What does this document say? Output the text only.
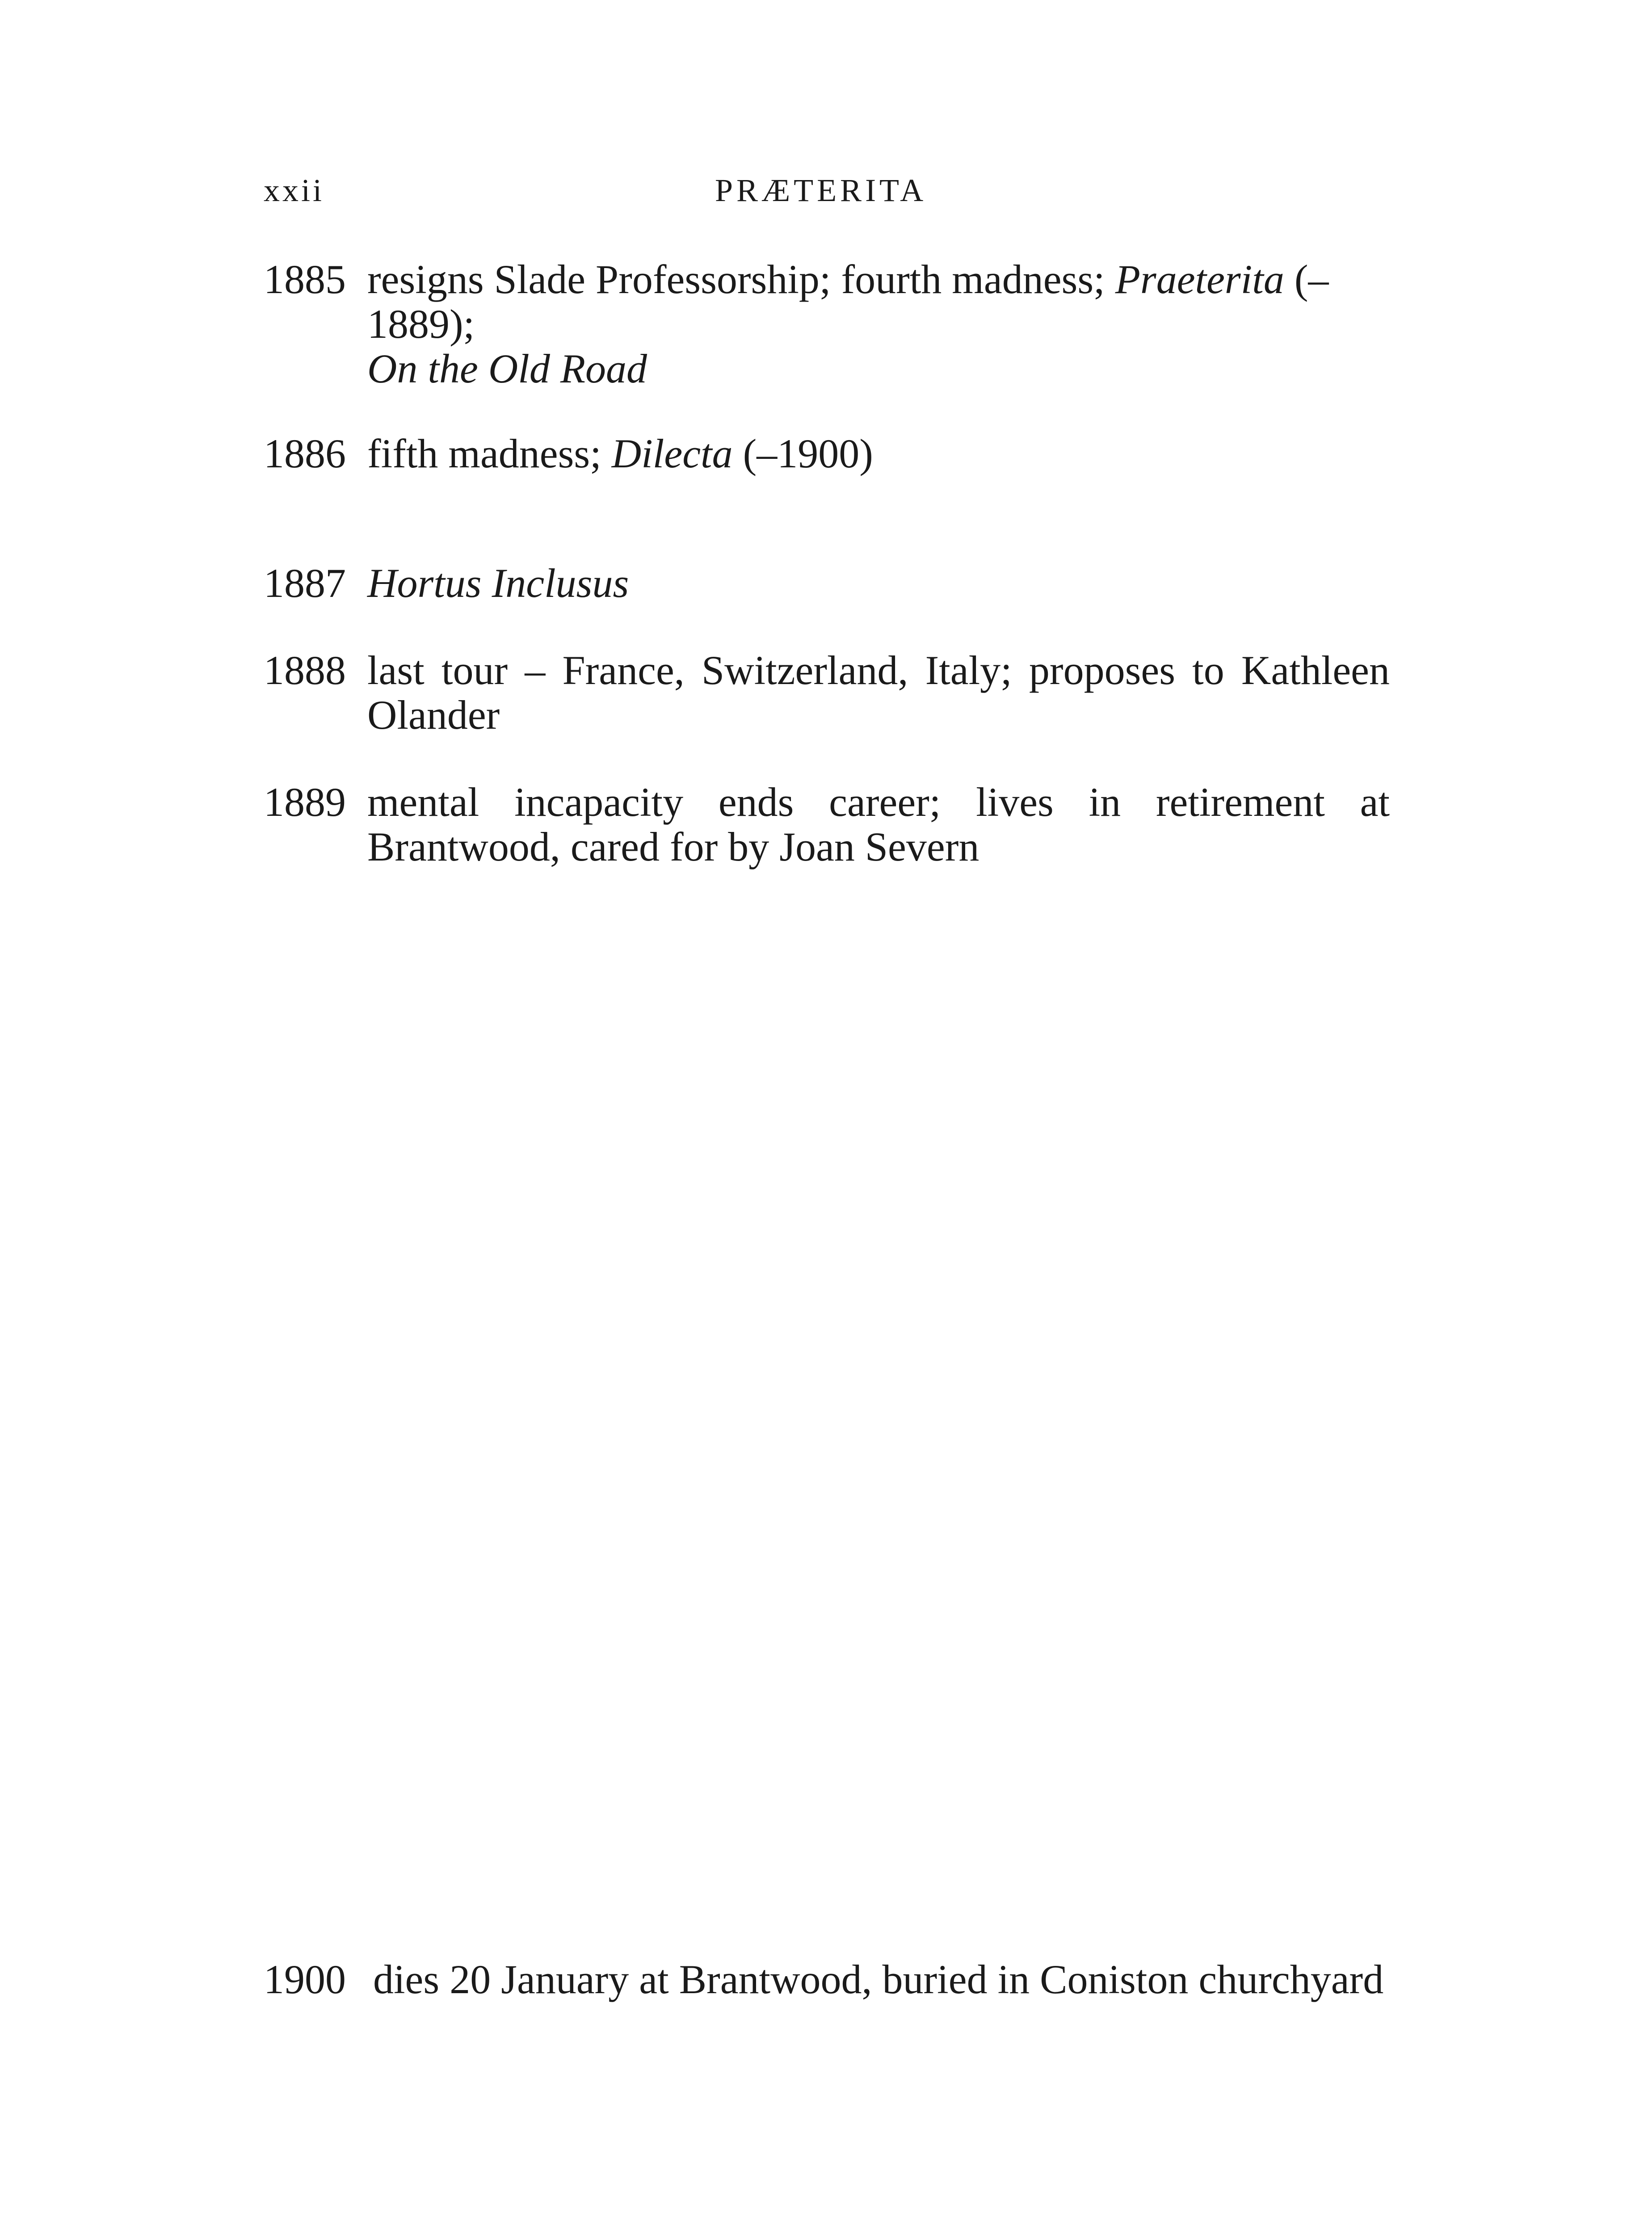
xxii	PRÆTERITA
1885 resigns Slade Professorship; fourth madness; Praeterita (–1889);
On the Old Road
1886 fifth madness; Dilecta (–1900)
1887 Hortus Inclusus
1888 last tour – France, Switzerland, Italy; proposes to Kathleen Olander
1889 mental incapacity ends career; lives in retirement at Brantwood, cared for by Joan Severn
1900 dies 20 January at Brantwood, buried in Coniston churchyard
